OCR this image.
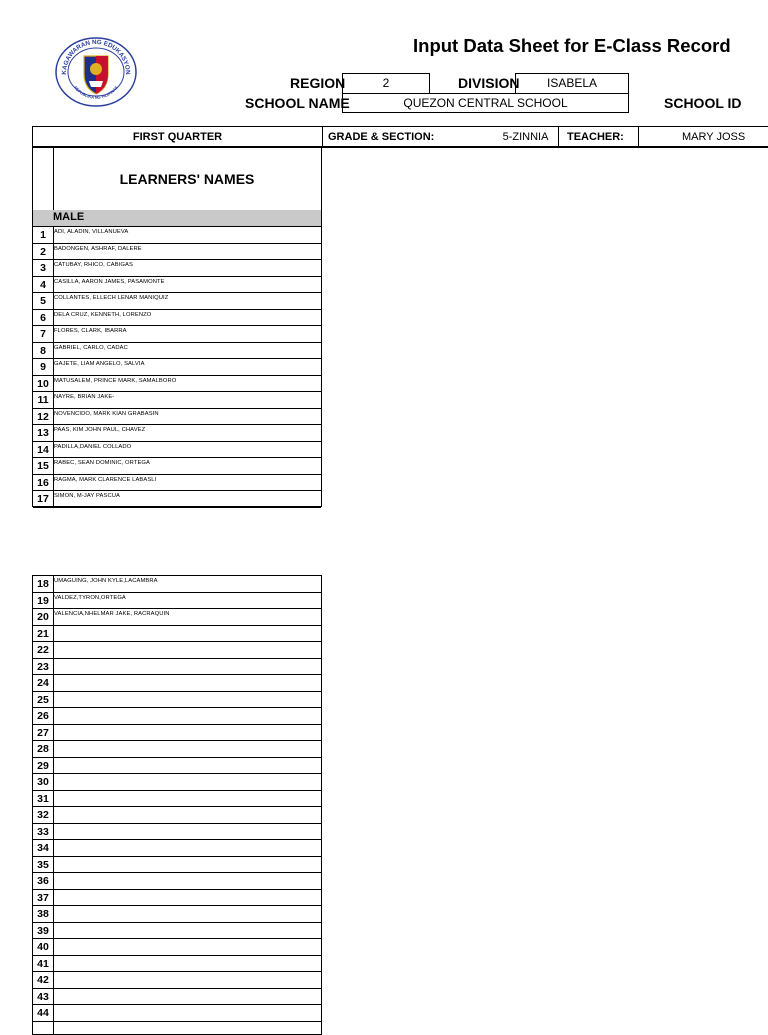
KAGAWARAN NG EDUKASYON
REPUBLIKA NG PILIPINAS
Input Data Sheet for E-Class Record
REGION	2	DIVISION	ISABELA
SCHOOL NAME	QUEZON CENTRAL SCHOOL	SCHOOL ID
FIRST QUARTER	GRADE & SECTION:	5-ZINNIA	TEACHER:	MARY JOSS
LEARNERS' NAMES
MALE
1	ADI, ALADIN, VILLANUEVA
2	BADONGEN, ASHRAF, DALERE
3	CATUBAY, RHICO, CABIGAS
4	CASILLA, AARON JAMES, PASAMONTE
5	COLLANTES, ELLECH LENAR MANIQUIZ
6	DELA CRUZ, KENNETH, LORENZO
7	FLORES, CLARK, IBARRA
8	GABRIEL, CARLO, CADAC
9	GAJETE, LIAM ANGELO, SALVIA
10 MATUSALEM, PRINCE MARK, SAMALBORO
11 NAYRE, BRIAN JAKE-
12 NOVENCIDO, MARK KIAN GRABASIN
13 PAAS, KIM JOHN PAUL, CHAVEZ
14 PADILLA,DANIEL COLLADO
15 RABEC, SEAN DOMINIC, ORTEGA
16 RAGMA, MARK CLARENCE LABASLI
17 SIMON, M-JAY PASCUA
18 UMAGUING, JOHN KYLE,LACAMBRA
19 VALDEZ,TYRON,ORTEGA
20 VALENCIA,NHELMAR JAKE, RACRAQUIN
21
22
23
24
25
26
27
28
29
30
31
32
33
34
35
36
37
38
39
40
41
42
43
44
